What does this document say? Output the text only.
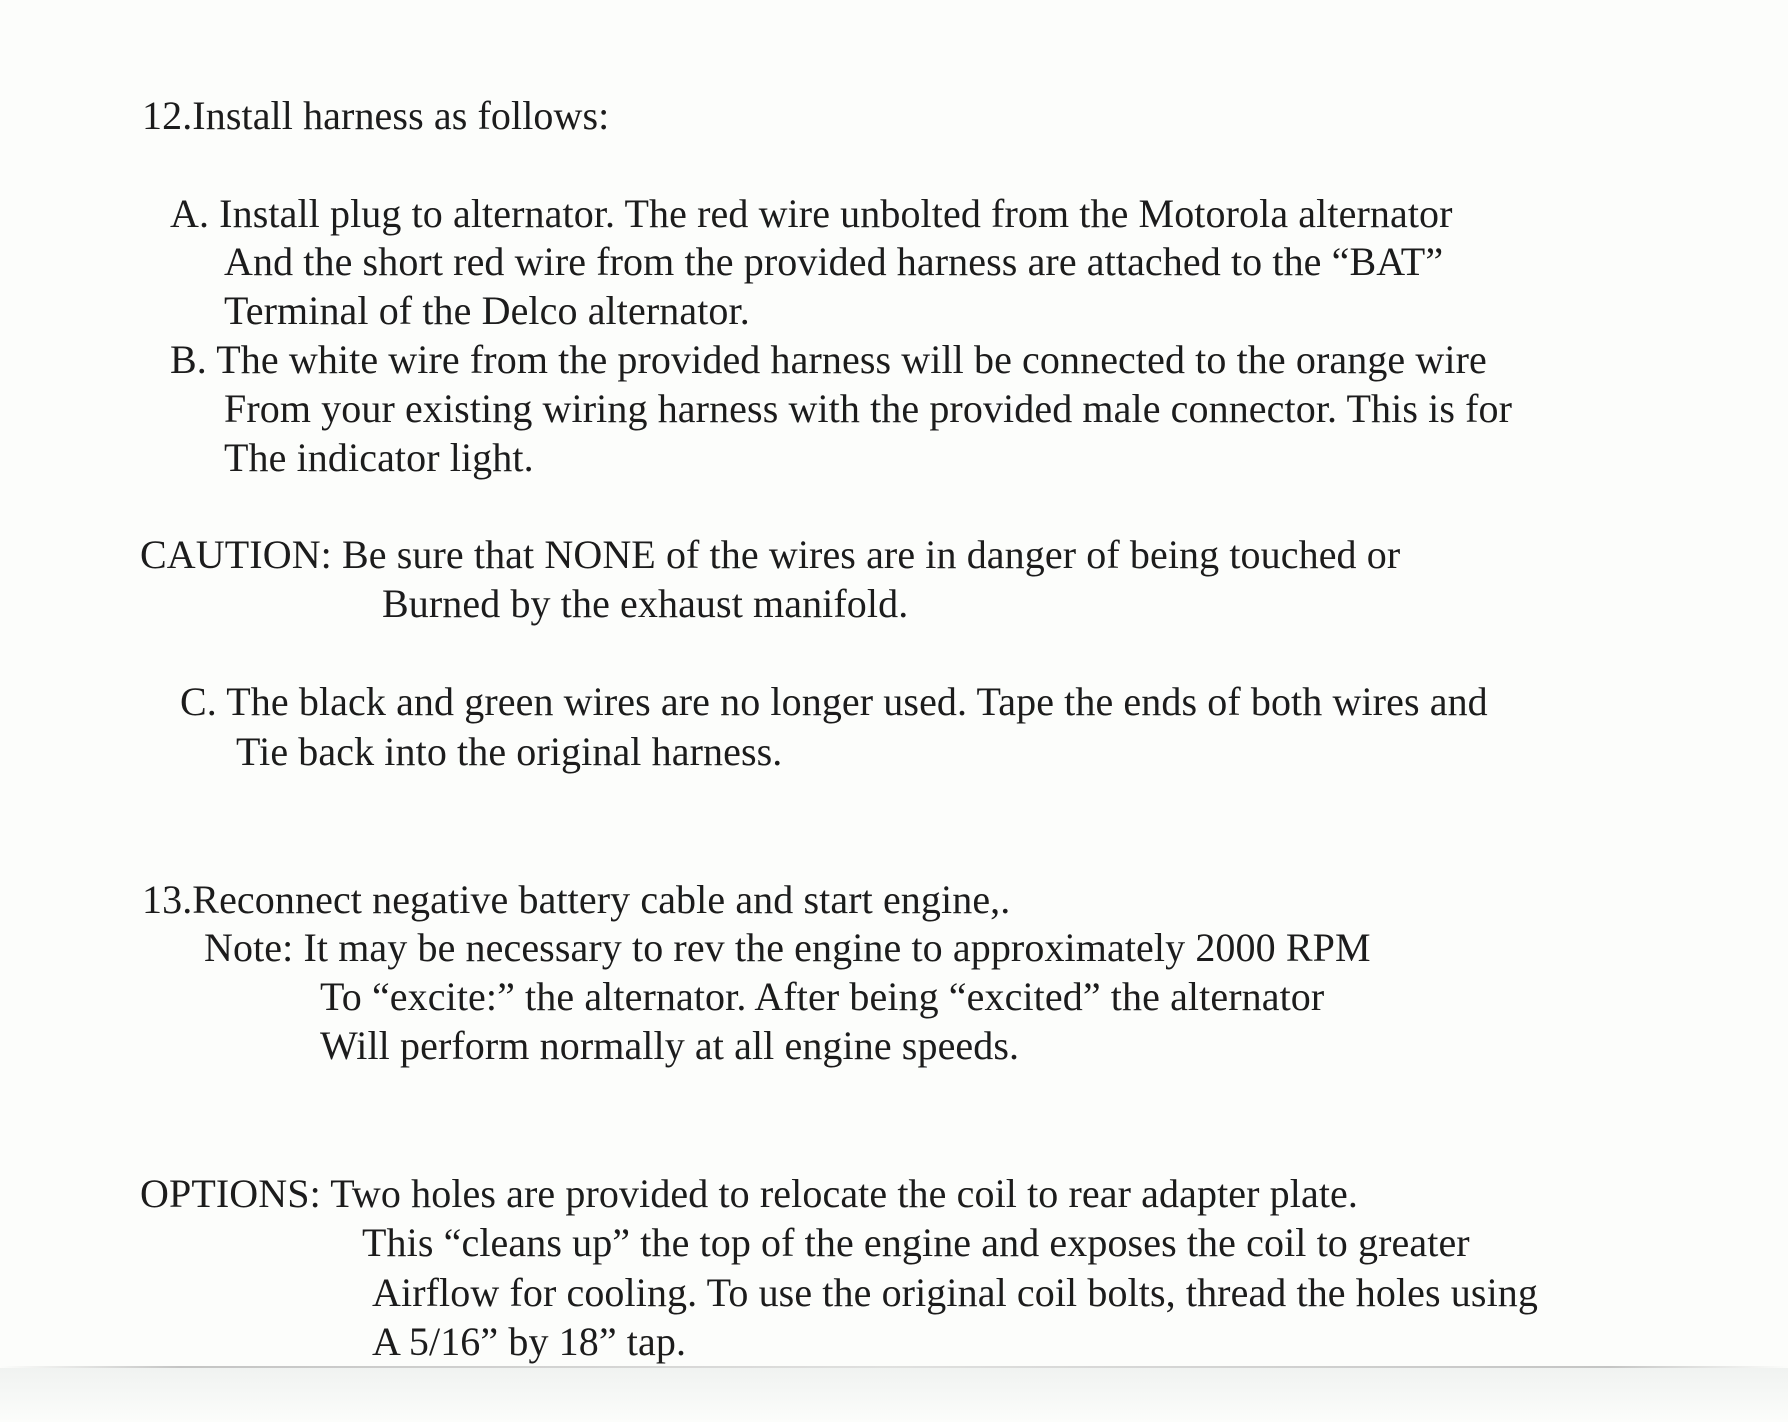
12.Install harness as follows:
A. Install plug to alternator. The red wire unbolted from the Motorola alternator
And the short red wire from the provided harness are attached to the “BAT”
Terminal of the Delco alternator.
B. The white wire from the provided harness will be connected to the orange wire
From your existing wiring harness with the provided male connector. This is for
The indicator light.
CAUTION: Be sure that NONE of the wires are in danger of being touched or
Burned by the exhaust manifold.
C. The black and green wires are no longer used. Tape the ends of both wires and
Tie back into the original harness.
13.Reconnect negative battery cable and start engine,.
Note: It may be necessary to rev the engine to approximately 2000 RPM
To “excite:” the alternator. After being “excited” the alternator
Will perform normally at all engine speeds.
OPTIONS: Two holes are provided to relocate the coil to rear adapter plate.
This “cleans up” the top of the engine and exposes the coil to greater
Airflow for cooling. To use the original coil bolts, thread the holes using
A 5/16” by 18” tap.
